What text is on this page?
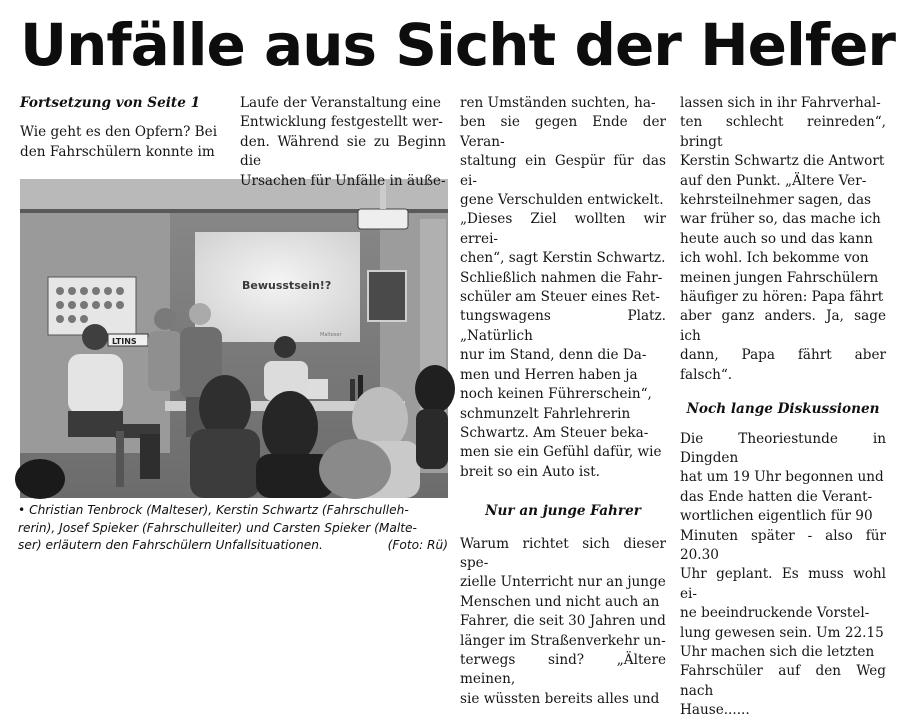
Unfälle aus Sicht der Helfer
Fortsetzung von Seite 1
Wie geht es den Opfern? Bei
den Fahrschülern konnte im
Bewusstsein!?
Malteser
LTINS
• Christian Tenbrock (Malteser), Kerstin Schwartz (Fahrschulleh-
rerin), Josef Spieker (Fahrschulleiter) und Carsten Spieker (Malte-
ser) erläutern den Fahrschülern Unfallsituationen.	(Foto: Rü)
Laufe der Veranstaltung eine
Entwicklung festgestellt wer-
den. Während sie zu Beginn die
Ursachen für Unfälle in äuße-
ren Umständen suchten, ha-
ben sie gegen Ende der Veran-
staltung ein Gespür für das ei-
gene Verschulden entwickelt.
„Dieses Ziel wollten wir errei-
chen“, sagt Kerstin Schwartz.
Schließlich nahmen die Fahr-
schüler am Steuer eines Ret-
tungswagens Platz. „Natürlich
nur im Stand, denn die Da-
men und Herren haben ja
noch keinen Führerschein“,
schmunzelt Fahrlehrerin
Schwartz. Am Steuer beka-
men sie ein Gefühl dafür, wie
breit so ein Auto ist.
Nur an junge Fahrer
Warum richtet sich dieser spe-
zielle Unterricht nur an junge
Menschen und nicht auch an
Fahrer, die seit 30 Jahren und
länger im Straßenverkehr un-
terwegs sind? „Ältere meinen,
sie wüssten bereits alles und
lassen sich in ihr Fahrverhal-
ten schlecht reinreden“, bringt
Kerstin Schwartz die Antwort
auf den Punkt. „Ältere Ver-
kehrsteilnehmer sagen, das
war früher so, das mache ich
heute auch so und das kann
ich wohl. Ich bekomme von
meinen jungen Fahrschülern
häufiger zu hören: Papa fährt
aber ganz anders. Ja, sage ich
dann, Papa fährt aber falsch“.
Noch lange Diskussionen
Die Theoriestunde in Dingden
hat um 19 Uhr begonnen und
das Ende hatten die Verant-
wortlichen eigentlich für 90
Minuten später - also für 20.30
Uhr geplant. Es muss wohl ei-
ne beeindruckende Vorstel-
lung gewesen sein. Um 22.15
Uhr machen sich die letzten
Fahrschüler auf den Weg nach
Hause......
